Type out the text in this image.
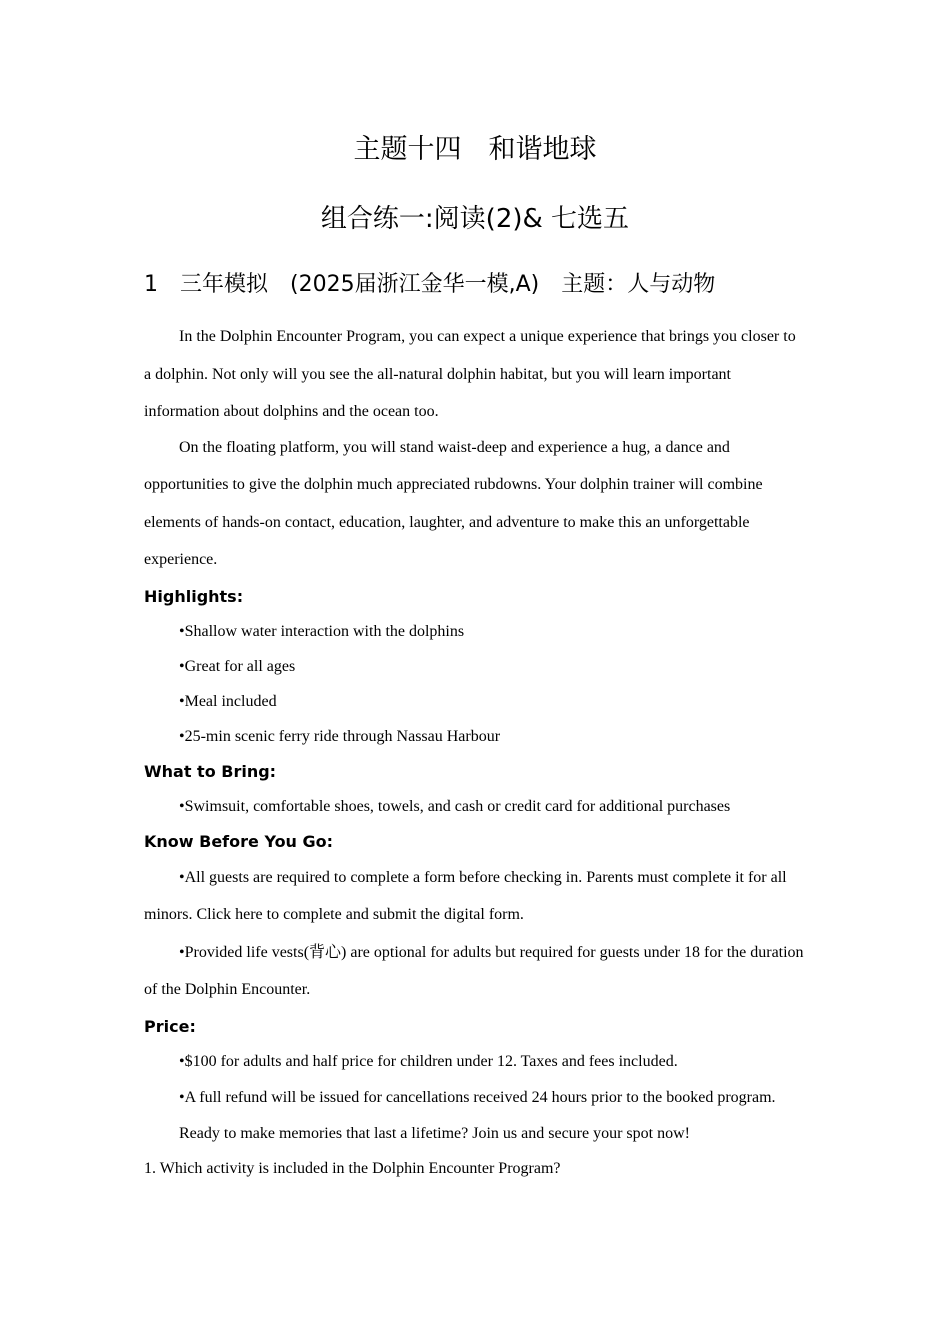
主题十四　和谐地球
组合练一:阅读(2)& 七选五
1　三年模拟　(2025届浙江金华一模,A)　主题：人与动物

In the Dolphin Encounter Program, you can expect a unique experience that brings you closer to a dolphin. Not only will you see the all-natural dolphin habitat, but you will learn important information about dolphins and the ocean too.

On the floating platform, you will stand waist-deep and experience a hug, a dance and opportunities to give the dolphin much appreciated rubdowns. Your dolphin trainer will combine elements of hands-on contact, education, laughter, and adventure to make this an unforgettable experience.

Highlights:

•Shallow water interaction with the dolphins

•Great for all ages

•Meal included

•25-min scenic ferry ride through Nassau Harbour

What to Bring:

•Swimsuit, comfortable shoes, towels, and cash or credit card for additional purchases

Know Before You Go:

•All guests are required to complete a form before checking in. Parents must complete it for all minors. Click here to complete and submit the digital form.

•Provided life vests(背心) are optional for adults but required for guests under 18 for the duration of the Dolphin Encounter.

Price:

•$100 for adults and half price for children under 12. Taxes and fees included.

•A full refund will be issued for cancellations received 24 hours prior to the booked program.

Ready to make memories that last a lifetime? Join us and secure your spot now!

1. Which activity is included in the Dolphin Encounter Program?
